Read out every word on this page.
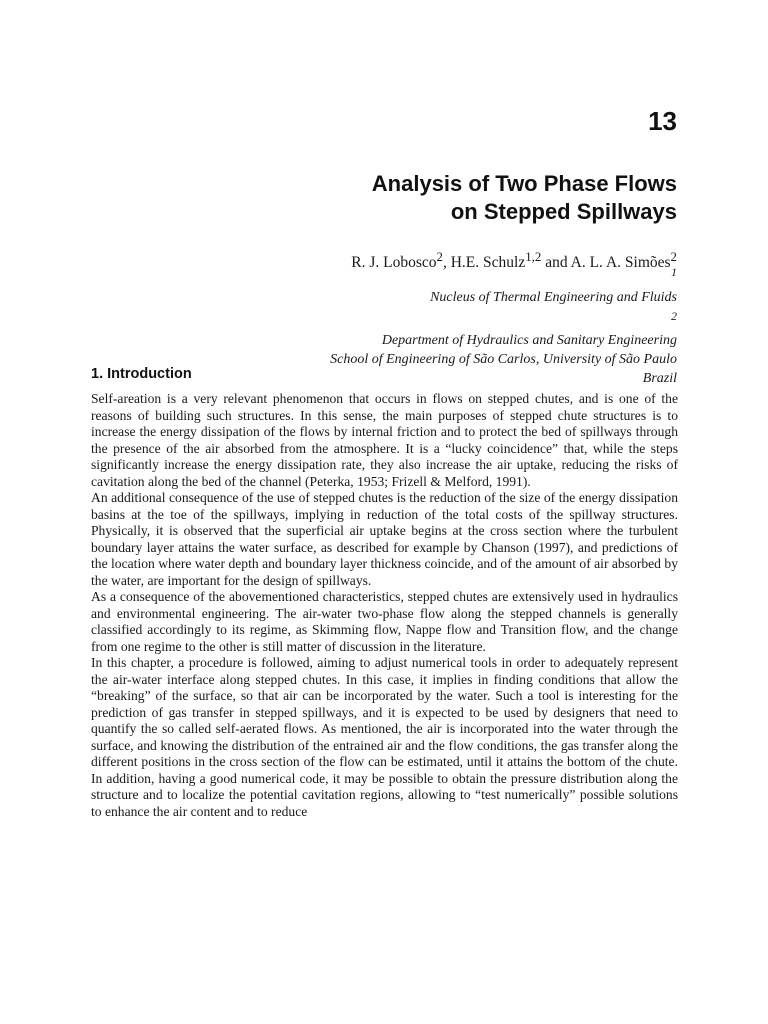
13
Analysis of Two Phase Flows
on Stepped Spillways
R. J. Lobosco$^2$, H.E. Schulz$^{1,2}$ and A. L. A. Simões$^2$
$^1$
Nucleus of Thermal Engineering and Fluids
$^2$
Department of Hydraulics and Sanitary Engineering
School of Engineering of São Carlos, University of São Paulo
Brazil
1. Introduction

Self-areation is a very relevant phenomenon that occurs in flows on stepped chutes, and is one of the reasons of building such structures. In this sense, the main purposes of stepped chute structures is to increase the energy dissipation of the flows by internal friction and to protect the bed of spillways through the presence of the air absorbed from the atmosphere. It is a “lucky coincidence” that, while the steps significantly increase the energy dissipation rate, they also increase the air uptake, reducing the risks of cavitation along the bed of the channel (Peterka, 1953; Frizell & Melford, 1991).

An additional consequence of the use of stepped chutes is the reduction of the size of the energy dissipation basins at the toe of the spillways, implying in reduction of the total costs of the spillway structures. Physically, it is observed that the superficial air uptake begins at the cross section where the turbulent boundary layer attains the water surface, as described for example by Chanson (1997), and predictions of the location where water depth and boundary layer thickness coincide, and of the amount of air absorbed by the water, are important for the design of spillways.

As a consequence of the abovementioned characteristics, stepped chutes are extensively used in hydraulics and environmental engineering. The air-water two-phase flow along the stepped channels is generally classified accordingly to its regime, as Skimming flow, Nappe flow and Transition flow, and the change from one regime to the other is still matter of discussion in the literature.

In this chapter, a procedure is followed, aiming to adjust numerical tools in order to adequately represent the air-water interface along stepped chutes. In this case, it implies in finding conditions that allow the “breaking” of the surface, so that air can be incorporated by the water. Such a tool is interesting for the prediction of gas transfer in stepped spillways, and it is expected to be used by designers that need to quantify the so called self-aerated flows. As mentioned, the air is incorporated into the water through the surface, and knowing the distribution of the entrained air and the flow conditions, the gas transfer along the different positions in the cross section of the flow can be estimated, until it attains the bottom of the chute. In addition, having a good numerical code, it may be possible to obtain the pressure distribution along the structure and to localize the potential cavitation regions, allowing to “test numerically” possible solutions to enhance the air content and to reduce
